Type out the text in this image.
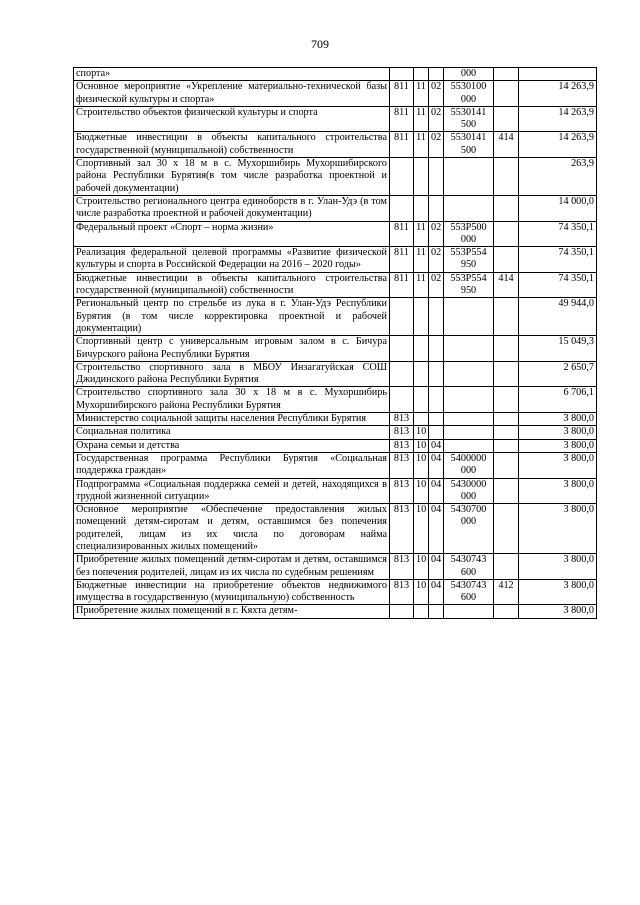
709
спорта»				000		
Основное мероприятие «Укрепление материально-технической базы физической культуры и спорта»	811	11	02	5530100 000		14 263,9
Строительство объектов физической культуры и спорта	811	11	02	5530141 500		14 263,9
Бюджетные инвестиции в объекты капитального строительства государственной (муниципальной) собственности	811	11	02	5530141 500	414	14 263,9
Спортивный зал 30 х 18 м в с. Мухоршибирь Мухоршибирского района Республики Бурятия(в том числе разработка проектной и рабочей документации)						263,9
Строительство регионального центра единоборств в г. Улан-Удэ (в том числе разработка проектной и рабочей документации)						14 000,0
Федеральный проект «Спорт – норма жизни»	811	11	02	553P500 000		74 350,1
Реализация федеральной целевой программы «Развитие физической культуры и спорта в Российской Федерации на 2016 – 2020 годы»	811	11	02	553P554 950		74 350,1
Бюджетные инвестиции в объекты капитального строительства государственной (муниципальной) собственности	811	11	02	553P554 950	414	74 350,1
Региональный центр по стрельбе из лука в г. Улан-Удэ Республики Бурятия (в том числе корректировка проектной и рабочей документации)						49 944,0
Спортивный центр с универсальным игровым залом в с. Бичура Бичурского района Республики Бурятия						15 049,3
Строительство спортивного зала в МБОУ Инзагатуйская СОШ Джидинского района Республики Бурятия						2 650,7
Строительство спортивного зала 30 х 18 м в с. Мухоршибирь Мухоршибирского района Республики Бурятия						6 706,1
Министерство социальной защиты населения Республики Бурятия	813					3 800,0
Социальная политика	813	10				3 800,0
Охрана семьи и детства	813	10	04			3 800,0
Государственная программа Республики Бурятия «Социальная поддержка граждан»	813	10	04	5400000 000		3 800,0
Подпрограмма «Социальная поддержка семей и детей, находящихся в трудной жизненной ситуации»	813	10	04	5430000 000		3 800,0
Основное мероприятие «Обеспечение предоставления жилых помещений детям-сиротам и детям, оставшимся без попечения родителей, лицам из их числа по договорам найма специализированных жилых помещений»	813	10	04	5430700 000		3 800,0
Приобретение жилых помещений детям-сиротам и детям, оставшимся без попечения родителей, лицам из их числа по судебным решениям	813	10	04	5430743 600		3 800,0
Бюджетные инвестиции на приобретение объектов недвижимого имущества в государственную (муниципальную) собственность	813	10	04	5430743 600	412	3 800,0
Приобретение жилых помещений в г. Кяхта детям-						3 800,0
